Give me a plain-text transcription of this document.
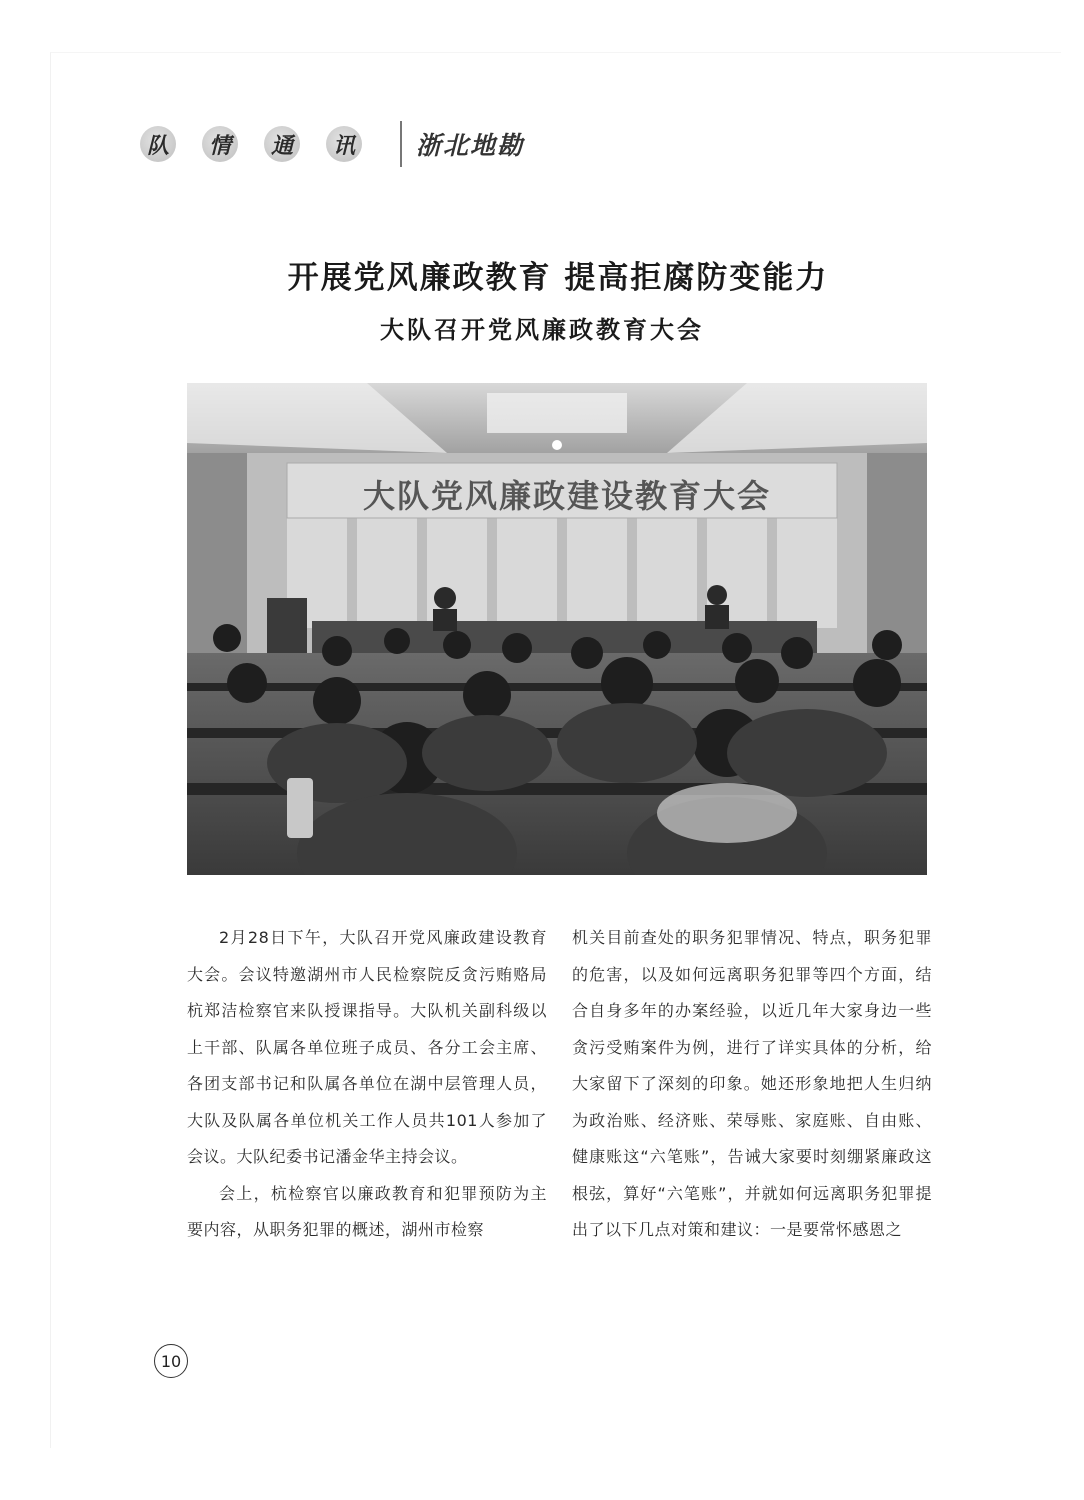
队	情	通	讯 浙北地勘
开展党风廉政教育 提高拒腐防变能力
大队召开党风廉政教育大会
大队党风廉政建设教育大会

2月28日下午，大队召开党风廉政建设教育大会。会议特邀湖州市人民检察院反贪污贿赂局杭郑洁检察官来队授课指导。大队机关副科级以上干部、队属各单位班子成员、各分工会主席、各团支部书记和队属各单位在湖中层管理人员，大队及队属各单位机关工作人员共101人参加了会议。大队纪委书记潘金华主持会议。

会上，杭检察官以廉政教育和犯罪预防为主要内容，从职务犯罪的概述，湖州市检察

机关目前查处的职务犯罪情况、特点，职务犯罪的危害，以及如何远离职务犯罪等四个方面，结合自身多年的办案经验，以近几年大家身边一些贪污受贿案件为例，进行了详实具体的分析，给大家留下了深刻的印象。她还形象地把人生归纳为政治账、经济账、荣辱账、家庭账、自由账、健康账这“六笔账”，告诫大家要时刻绷紧廉政这根弦，算好“六笔账”，并就如何远离职务犯罪提出了以下几点对策和建议：一是要常怀感恩之

10
